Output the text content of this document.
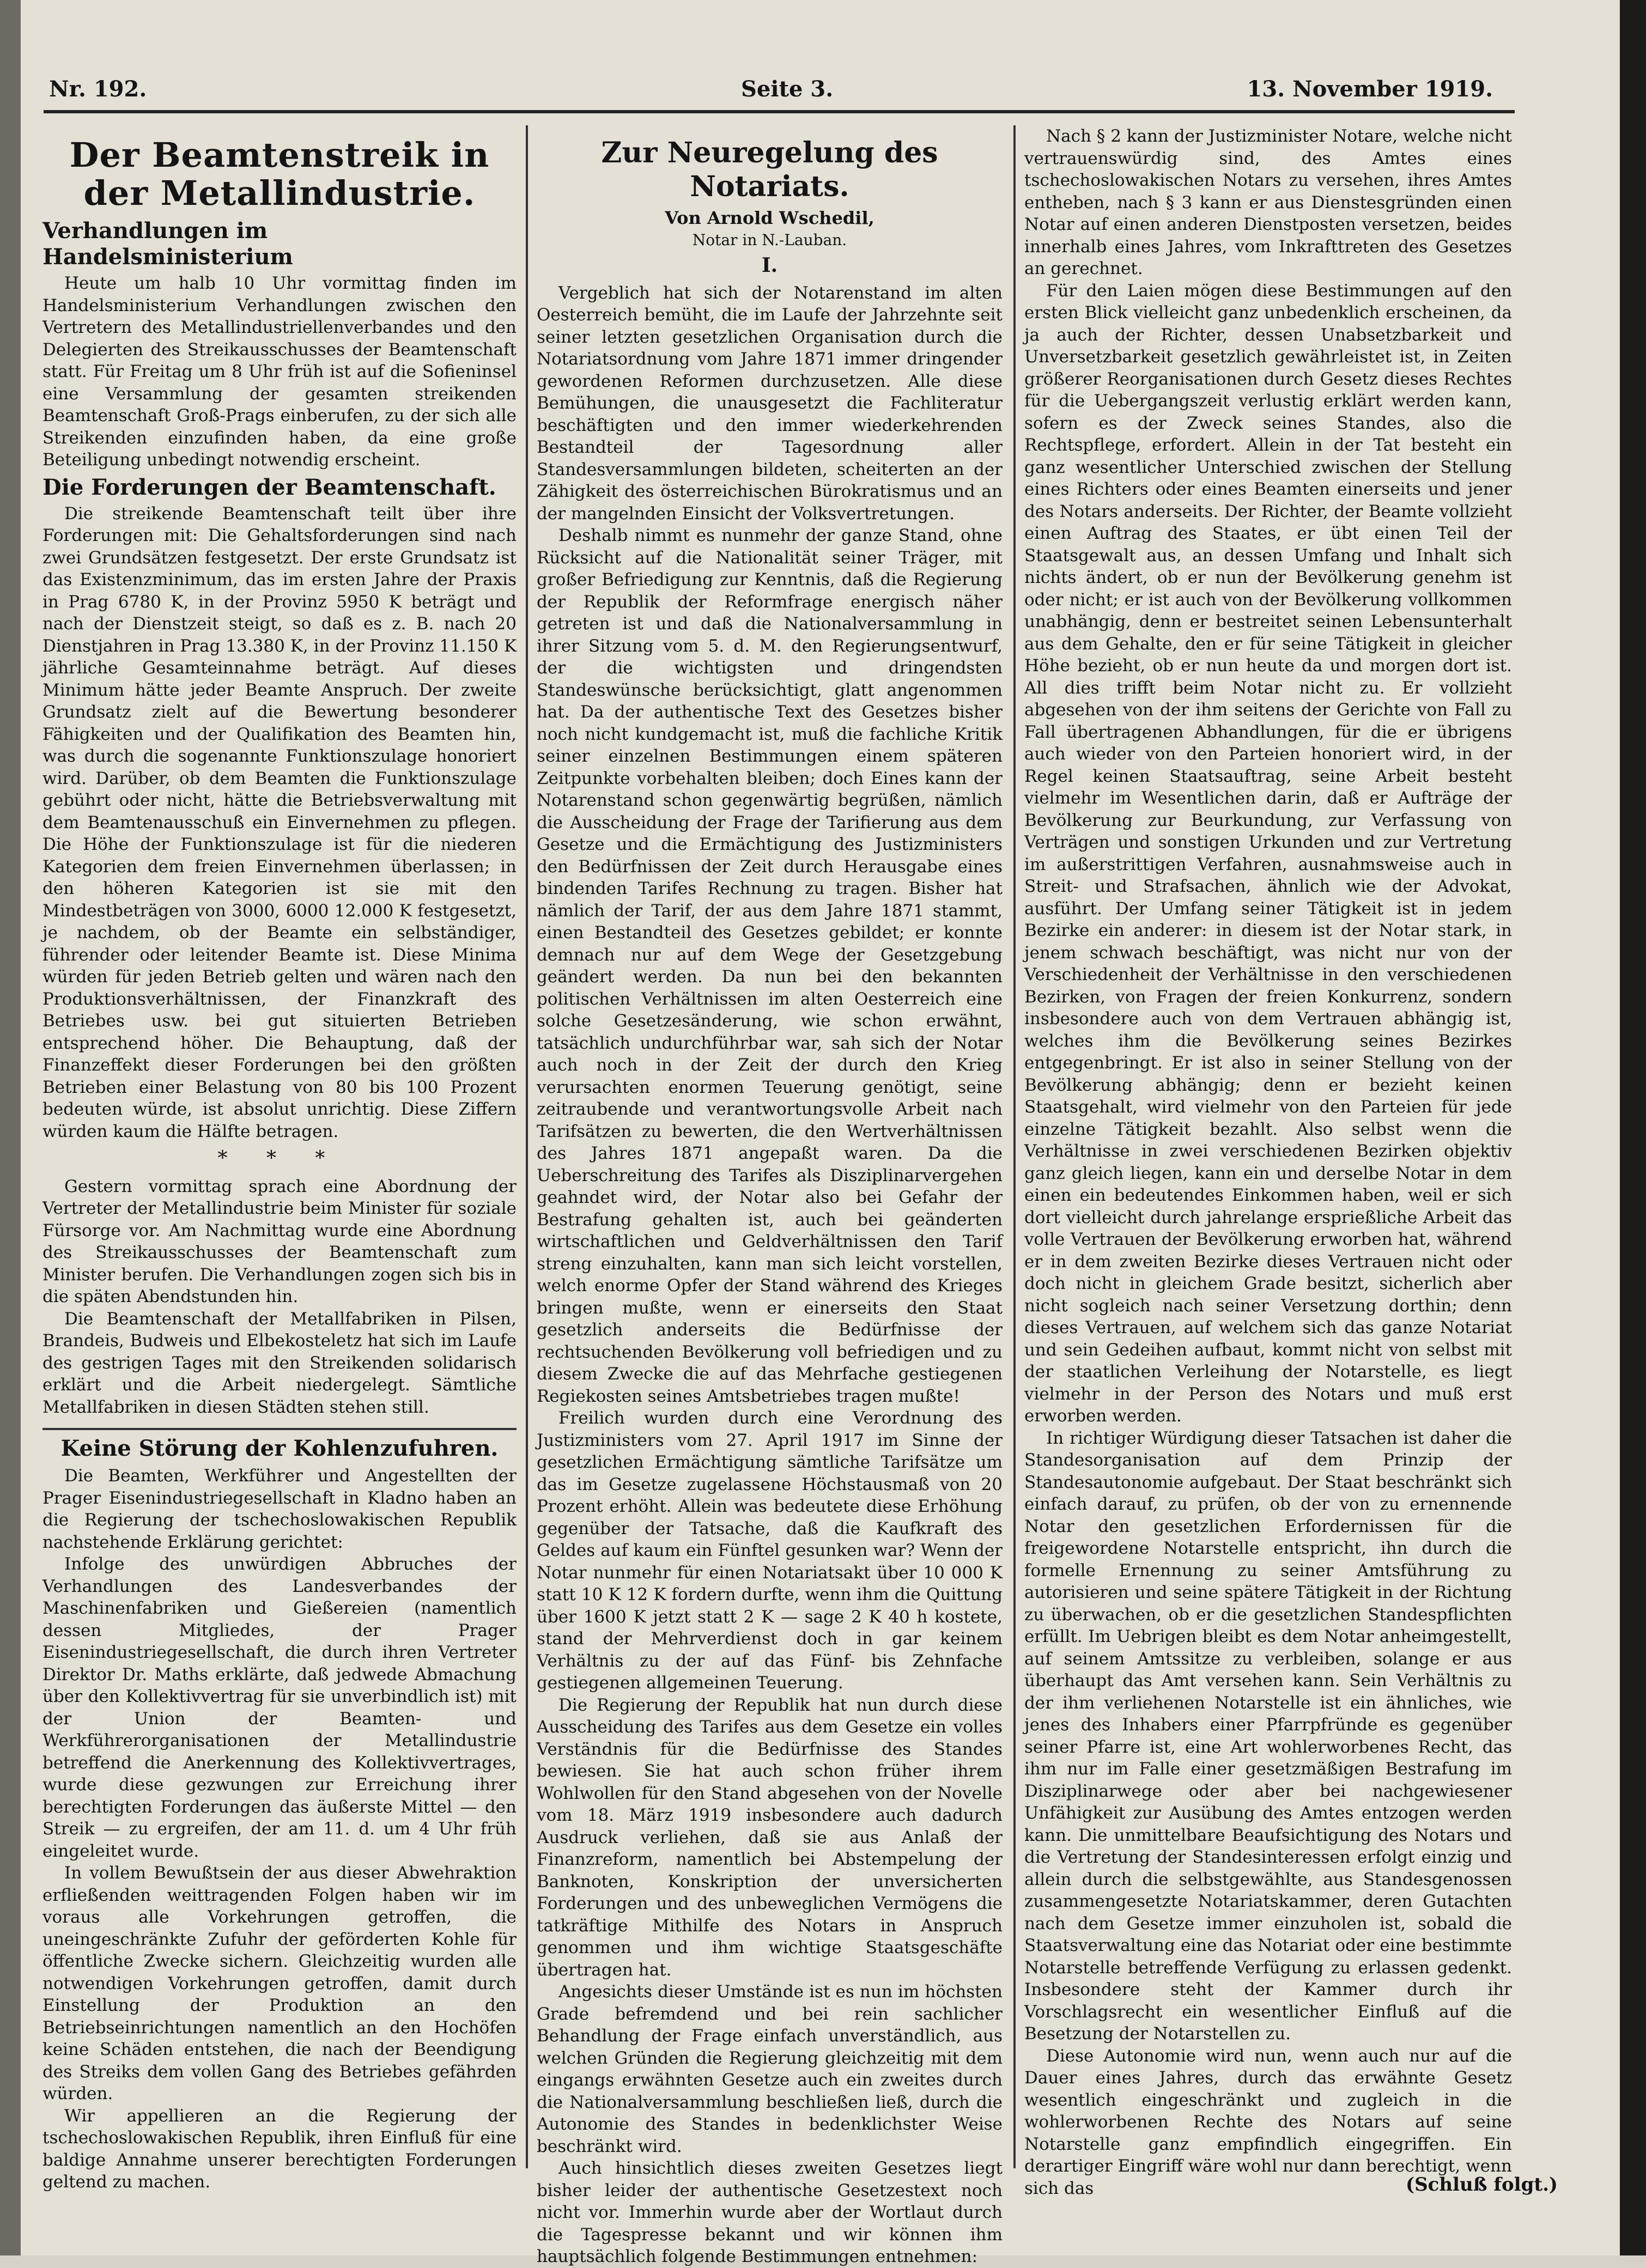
Nr. 192.	Seite 3.	13. November 1919.
Der Beamtenstreik in der Metallindustrie.
Verhandlungen im Handelsministerium

Heute um halb 10 Uhr vormittag finden im Handelsministerium Verhandlungen zwischen den Vertretern des Metallindustriellenverbandes und den Delegierten des Streikausschusses der Beamtenschaft statt. Für Freitag um 8 Uhr früh ist auf die Sofieninsel eine Versammlung der gesamten streikenden Beamtenschaft Groß-Prags einberufen, zu der sich alle Streikenden einzufinden haben, da eine große Beteiligung unbedingt notwendig erscheint.

Die Forderungen der Beamtenschaft.

Die streikende Beamtenschaft teilt über ihre Forderungen mit: Die Gehaltsforderungen sind nach zwei Grundsätzen festgesetzt. Der erste Grundsatz ist das Existenzminimum, das im ersten Jahre der Praxis in Prag 6780 K, in der Provinz 5950 K beträgt und nach der Dienstzeit steigt, so daß es z. B. nach 20 Dienstjahren in Prag 13.380 K, in der Provinz 11.150 K jährliche Gesamteinnahme beträgt. Auf dieses Minimum hätte jeder Beamte Anspruch. Der zweite Grundsatz zielt auf die Bewertung besonderer Fähigkeiten und der Qualifikation des Beamten hin, was durch die sogenannte Funktionszulage honoriert wird. Darüber, ob dem Beamten die Funktionszulage gebührt oder nicht, hätte die Betriebsverwaltung mit dem Beamtenausschuß ein Einvernehmen zu pflegen. Die Höhe der Funktionszulage ist für die niederen Kategorien dem freien Einvernehmen überlassen; in den höheren Kategorien ist sie mit den Mindestbeträgen von 3000, 6000 12.000 K festgesetzt, je nachdem, ob der Beamte ein selbständiger, führender oder leitender Beamte ist. Diese Minima würden für jeden Betrieb gelten und wären nach den Produktionsverhältnissen, der Finanzkraft des Betriebes usw. bei gut situierten Betrieben entsprechend höher. Die Behauptung, daß der Finanzeffekt dieser Forderungen bei den größten Betrieben einer Belastung von 80 bis 100 Prozent bedeuten würde, ist absolut unrichtig. Diese Ziffern würden kaum die Hälfte betragen.

* * *

Gestern vormittag sprach eine Abordnung der Vertreter der Metallindustrie beim Minister für soziale Fürsorge vor. Am Nachmittag wurde eine Abordnung des Streikausschusses der Beamtenschaft zum Minister berufen. Die Verhandlungen zogen sich bis in die späten Abendstunden hin.

Die Beamtenschaft der Metallfabriken in Pilsen, Brandeis, Budweis und Elbekosteletz hat sich im Laufe des gestrigen Tages mit den Streikenden solidarisch erklärt und die Arbeit niedergelegt. Sämtliche Metallfabriken in diesen Städten stehen still.

Keine Störung der Kohlenzufuhren.

Die Beamten, Werkführer und Angestellten der Prager Eisenindustriegesellschaft in Kladno haben an die Regierung der tschechoslowakischen Republik nachstehende Erklärung gerichtet:

Infolge des unwürdigen Abbruches der Verhandlungen des Landesverbandes der Maschinenfabriken und Gießereien (namentlich dessen Mitgliedes, der Prager Eisenindustriegesellschaft, die durch ihren Vertreter Direktor Dr. Maths erklärte, daß jedwede Abmachung über den Kollektivvertrag für sie unverbindlich ist) mit der Union der Beamten- und Werkführerorganisationen der Metallindustrie betreffend die Anerkennung des Kollektivvertrages, wurde diese gezwungen zur Erreichung ihrer berechtigten Forderungen das äußerste Mittel — den Streik — zu ergreifen, der am 11. d. um 4 Uhr früh eingeleitet wurde.

In vollem Bewußtsein der aus dieser Abwehraktion erfließenden weittragenden Folgen haben wir im voraus alle Vorkehrungen getroffen, die uneingeschränkte Zufuhr der geförderten Kohle für öffentliche Zwecke sichern. Gleichzeitig wurden alle notwendigen Vorkehrungen getroffen, damit durch Einstellung der Produktion an den Betriebseinrichtungen namentlich an den Hochöfen keine Schäden entstehen, die nach der Beendigung des Streiks dem vollen Gang des Betriebes gefährden würden.

Wir appellieren an die Regierung der tschechoslowakischen Republik, ihren Einfluß für eine baldige Annahme unserer berechtigten Forderungen geltend zu machen.

Zur Neuregelung des Notariats.
Von Arnold Wschedil,
Notar in N.-Lauban.
I.

Vergeblich hat sich der Notarenstand im alten Oesterreich bemüht, die im Laufe der Jahrzehnte seit seiner letzten gesetzlichen Organisation durch die Notariatsordnung vom Jahre 1871 immer dringender gewordenen Reformen durchzusetzen. Alle diese Bemühungen, die unausgesetzt die Fachliteratur beschäftigten und den immer wiederkehrenden Bestandteil der Tagesordnung aller Standesversammlungen bildeten, scheiterten an der Zähigkeit des österreichischen Bürokratismus und an der mangelnden Einsicht der Volksvertretungen.

Deshalb nimmt es nunmehr der ganze Stand, ohne Rücksicht auf die Nationalität seiner Träger, mit großer Befriedigung zur Kenntnis, daß die Regierung der Republik der Reformfrage energisch näher getreten ist und daß die Nationalversammlung in ihrer Sitzung vom 5. d. M. den Regierungsentwurf, der die wichtigsten und dringendsten Standeswünsche berücksichtigt, glatt angenommen hat. Da der authentische Text des Gesetzes bisher noch nicht kundgemacht ist, muß die fachliche Kritik seiner einzelnen Bestimmungen einem späteren Zeitpunkte vorbehalten bleiben; doch Eines kann der Notarenstand schon gegenwärtig begrüßen, nämlich die Ausscheidung der Frage der Tarifierung aus dem Gesetze und die Ermächtigung des Justizministers den Bedürfnissen der Zeit durch Herausgabe eines bindenden Tarifes Rechnung zu tragen. Bisher hat nämlich der Tarif, der aus dem Jahre 1871 stammt, einen Bestandteil des Gesetzes gebildet; er konnte demnach nur auf dem Wege der Gesetzgebung geändert werden. Da nun bei den bekannten politischen Verhältnissen im alten Oesterreich eine solche Gesetzesänderung, wie schon erwähnt, tatsächlich undurchführbar war, sah sich der Notar auch noch in der Zeit der durch den Krieg verursachten enormen Teuerung genötigt, seine zeitraubende und verantwortungsvolle Arbeit nach Tarifsätzen zu bewerten, die den Wertverhältnissen des Jahres 1871 angepaßt waren. Da die Ueberschreitung des Tarifes als Disziplinarvergehen geahndet wird, der Notar also bei Gefahr der Bestrafung gehalten ist, auch bei geänderten wirtschaftlichen und Geldverhältnissen den Tarif streng einzuhalten, kann man sich leicht vorstellen, welch enorme Opfer der Stand während des Krieges bringen mußte, wenn er einerseits den Staat gesetzlich anderseits die Bedürfnisse der rechtsuchenden Bevölkerung voll befriedigen und zu diesem Zwecke die auf das Mehrfache gestiegenen Regiekosten seines Amtsbetriebes tragen mußte!

Freilich wurden durch eine Verordnung des Justizministers vom 27. April 1917 im Sinne der gesetzlichen Ermächtigung sämtliche Tarifsätze um das im Gesetze zugelassene Höchstausmaß von 20 Prozent erhöht. Allein was bedeutete diese Erhöhung gegenüber der Tatsache, daß die Kaufkraft des Geldes auf kaum ein Fünftel gesunken war? Wenn der Notar nunmehr für einen Notariatsakt über 10 000 K statt 10 K 12 K fordern durfte, wenn ihm die Quittung über 1600 K jetzt statt 2 K — sage 2 K 40 h kostete, stand der Mehrverdienst doch in gar keinem Verhältnis zu der auf das Fünf- bis Zehnfache gestiegenen allgemeinen Teuerung.

Die Regierung der Republik hat nun durch diese Ausscheidung des Tarifes aus dem Gesetze ein volles Verständnis für die Bedürfnisse des Standes bewiesen. Sie hat auch schon früher ihrem Wohlwollen für den Stand abgesehen von der Novelle vom 18. März 1919 insbesondere auch dadurch Ausdruck verliehen, daß sie aus Anlaß der Finanzreform, namentlich bei Abstempelung der Banknoten, Konskription der unversicherten Forderungen und des unbeweglichen Vermögens die tatkräftige Mithilfe des Notars in Anspruch genommen und ihm wichtige Staatsgeschäfte übertragen hat.

Angesichts dieser Umstände ist es nun im höchsten Grade befremdend und bei rein sachlicher Behandlung der Frage einfach unverständlich, aus welchen Gründen die Regierung gleichzeitig mit dem eingangs erwähnten Gesetze auch ein zweites durch die Nationalversammlung beschließen ließ, durch die Autonomie des Standes in bedenklichster Weise beschränkt wird.

Auch hinsichtlich dieses zweiten Gesetzes liegt bisher leider der authentische Gesetzestext noch nicht vor. Immerhin wurde aber der Wortlaut durch die Tagespresse bekannt und wir können ihm hauptsächlich folgende Bestimmungen entnehmen:

Nach § 2 kann der Justizminister Notare, welche nicht vertrauenswürdig sind, des Amtes eines tschechoslowakischen Notars zu versehen, ihres Amtes entheben, nach § 3 kann er aus Dienstesgründen einen Notar auf einen anderen Dienstposten versetzen, beides innerhalb eines Jahres, vom Inkrafttreten des Gesetzes an gerechnet.

Für den Laien mögen diese Bestimmungen auf den ersten Blick vielleicht ganz unbedenklich erscheinen, da ja auch der Richter, dessen Unabsetzbarkeit und Unversetzbarkeit gesetzlich gewährleistet ist, in Zeiten größerer Reorganisationen durch Gesetz dieses Rechtes für die Uebergangszeit verlustig erklärt werden kann, sofern es der Zweck seines Standes, also die Rechtspflege, erfordert. Allein in der Tat besteht ein ganz wesentlicher Unterschied zwischen der Stellung eines Richters oder eines Beamten einerseits und jener des Notars anderseits. Der Richter, der Beamte vollzieht einen Auftrag des Staates, er übt einen Teil der Staatsgewalt aus, an dessen Umfang und Inhalt sich nichts ändert, ob er nun der Bevölkerung genehm ist oder nicht; er ist auch von der Bevölkerung vollkommen unabhängig, denn er bestreitet seinen Lebensunterhalt aus dem Gehalte, den er für seine Tätigkeit in gleicher Höhe bezieht, ob er nun heute da und morgen dort ist. All dies trifft beim Notar nicht zu. Er vollzieht abgesehen von der ihm seitens der Gerichte von Fall zu Fall übertragenen Abhandlungen, für die er übrigens auch wieder von den Parteien honoriert wird, in der Regel keinen Staatsauftrag, seine Arbeit besteht vielmehr im Wesentlichen darin, daß er Aufträge der Bevölkerung zur Beurkundung, zur Verfassung von Verträgen und sonstigen Urkunden und zur Vertretung im außerstrittigen Verfahren, ausnahmsweise auch in Streit- und Strafsachen, ähnlich wie der Advokat, ausführt. Der Umfang seiner Tätigkeit ist in jedem Bezirke ein anderer: in diesem ist der Notar stark, in jenem schwach beschäftigt, was nicht nur von der Verschiedenheit der Verhältnisse in den verschiedenen Bezirken, von Fragen der freien Konkurrenz, sondern insbesondere auch von dem Vertrauen abhängig ist, welches ihm die Bevölkerung seines Bezirkes entgegenbringt. Er ist also in seiner Stellung von der Bevölkerung abhängig; denn er bezieht keinen Staatsgehalt, wird vielmehr von den Parteien für jede einzelne Tätigkeit bezahlt. Also selbst wenn die Verhältnisse in zwei verschiedenen Bezirken objektiv ganz gleich liegen, kann ein und derselbe Notar in dem einen ein bedeutendes Einkommen haben, weil er sich dort vielleicht durch jahrelange ersprießliche Arbeit das volle Vertrauen der Bevölkerung erworben hat, während er in dem zweiten Bezirke dieses Vertrauen nicht oder doch nicht in gleichem Grade besitzt, sicherlich aber nicht sogleich nach seiner Versetzung dorthin; denn dieses Vertrauen, auf welchem sich das ganze Notariat und sein Gedeihen aufbaut, kommt nicht von selbst mit der staatlichen Verleihung der Notarstelle, es liegt vielmehr in der Person des Notars und muß erst erworben werden.

In richtiger Würdigung dieser Tatsachen ist daher die Standesorganisation auf dem Prinzip der Standesautonomie aufgebaut. Der Staat beschränkt sich einfach darauf, zu prüfen, ob der von zu ernennende Notar den gesetzlichen Erfordernissen für die freigewordene Notarstelle entspricht, ihn durch die formelle Ernennung zu seiner Amtsführung zu autorisieren und seine spätere Tätigkeit in der Richtung zu überwachen, ob er die gesetzlichen Standespflichten erfüllt. Im Uebrigen bleibt es dem Notar anheimgestellt, auf seinem Amtssitze zu verbleiben, solange er aus überhaupt das Amt versehen kann. Sein Verhältnis zu der ihm verliehenen Notarstelle ist ein ähnliches, wie jenes des Inhabers einer Pfarrpfründe es gegenüber seiner Pfarre ist, eine Art wohlerworbenes Recht, das ihm nur im Falle einer gesetzmäßigen Bestrafung im Disziplinarwege oder aber bei nachgewiesener Unfähigkeit zur Ausübung des Amtes entzogen werden kann. Die unmittelbare Beaufsichtigung des Notars und die Vertretung der Standesinteressen erfolgt einzig und allein durch die selbstgewählte, aus Standesgenossen zusammengesetzte Notariatskammer, deren Gutachten nach dem Gesetze immer einzuholen ist, sobald die Staatsverwaltung eine das Notariat oder eine bestimmte Notarstelle betreffende Verfügung zu erlassen gedenkt. Insbesondere steht der Kammer durch ihr Vorschlagsrecht ein wesentlicher Einfluß auf die Besetzung der Notarstellen zu.

Diese Autonomie wird nun, wenn auch nur auf die Dauer eines Jahres, durch das erwähnte Gesetz wesentlich eingeschränkt und zugleich in die wohlerworbenen Rechte des Notars auf seine Notarstelle ganz empfindlich eingegriffen. Ein derartiger Eingriff wäre wohl nur dann berechtigt, wenn sich das	(Schluß folgt.)
